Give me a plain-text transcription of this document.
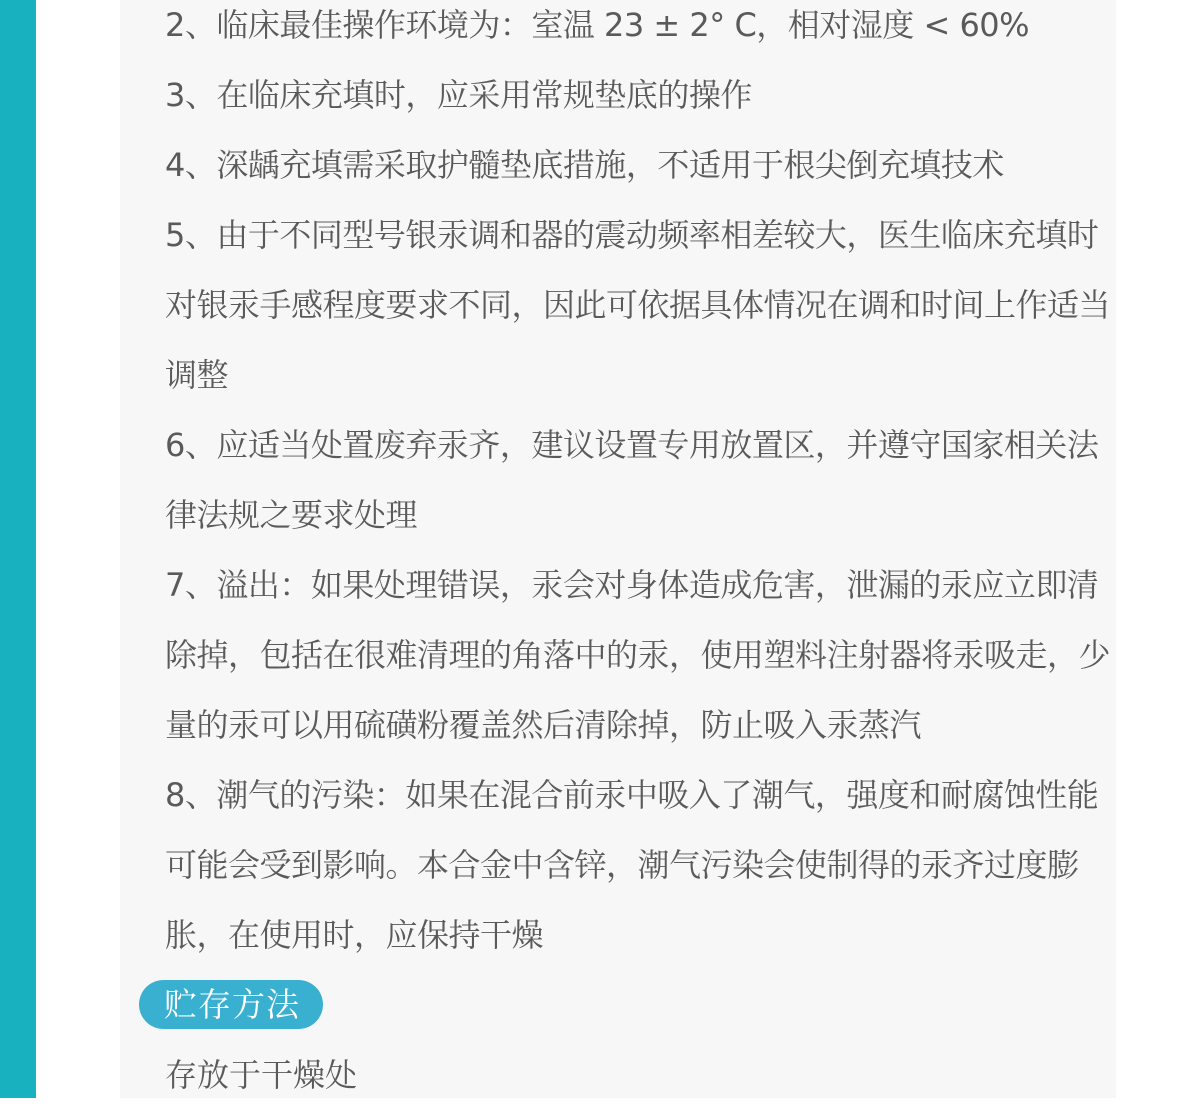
2、临床最佳操作环境为：室温 23 ± 2° C，相对湿度 < 60%
3、在临床充填时，应采用常规垫底的操作
4、深龋充填需采取护髓垫底措施，不适用于根尖倒充填技术
5、由于不同型号银汞调和器的震动频率相差较大，医生临床充填时对银汞手感程度要求不同，因此可依据具体情况在调和时间上作适当调整
6、应适当处置废弃汞齐，建议设置专用放置区，并遵守国家相关法律法规之要求处理
7、溢出：如果处理错误，汞会对身体造成危害，泄漏的汞应立即清除掉，包括在很难清理的角落中的汞，使用塑料注射器将汞吸走，少量的汞可以用硫磺粉覆盖然后清除掉，防止吸入汞蒸汽
8、潮气的污染：如果在混合前汞中吸入了潮气，强度和耐腐蚀性能可能会受到影响。本合金中含锌，潮气污染会使制得的汞齐过度膨胀，在使用时，应保持干燥
贮存方法
存放于干燥处
